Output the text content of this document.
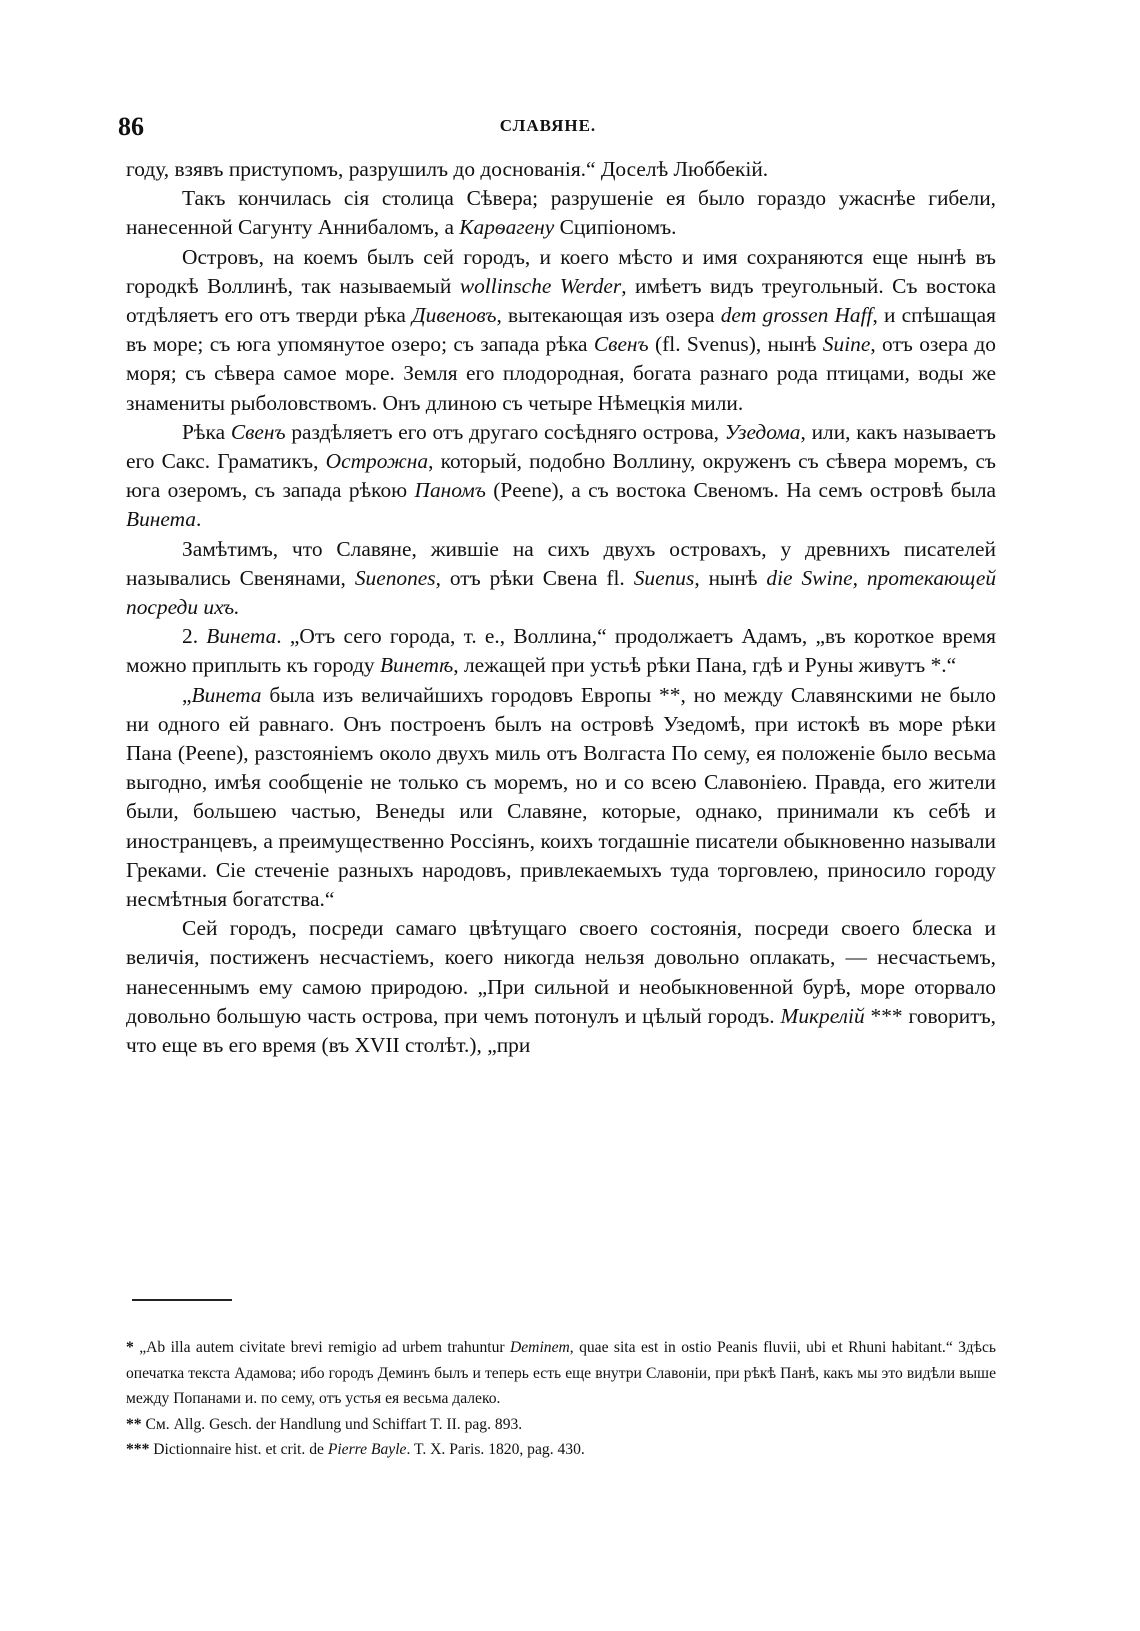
86	СЛАВЯНЕ.

году, взявъ приступомъ, разрушилъ до доснованія.“ Доселѣ Люббекій.

Такъ кончилась сія столица Сѣвера; разрушеніе ея было гораздо ужаснѣе гибели, нанесенной Сагунту Аннибаломъ, а Карѳагену Сципіономъ.

Островъ, на коемъ былъ сей городъ, и коего мѣсто и имя сохраняются еще нынѣ въ городкѣ Воллинѣ, так называемый wollinsche Werder, имѣетъ видъ треугольный. Съ востока отдѣляетъ его отъ тверди рѣка Дивеновъ, вытекающая изъ озера dem grossen Haff, и спѣшащая въ море; съ юга упомянутое озеро; съ запада рѣка Свенъ (fl. Svenus), нынѣ Suine, отъ озера до моря; съ сѣвера самое море. Земля его плодородная, богата разнаго рода птицами, воды же знамениты рыболовствомъ. Онъ длиною съ четыре Нѣмецкія мили.

Рѣка Свенъ раздѣляетъ его отъ другаго сосѣдняго острова, Узедома, или, какъ называетъ его Сакс. Граматикъ, Острожна, который, подобно Воллину, окруженъ съ сѣвера моремъ, съ юга озеромъ, съ запада рѣкою Паномъ (Peene), а съ востока Свеномъ. На семъ островѣ была Винета.

Замѣтимъ, что Славяне, жившіе на сихъ двухъ островахъ, у древнихъ писателей назывались Свенянами, Suenones, отъ рѣки Свена fl. Suenus, нынѣ die Swine, протекающей посреди ихъ.

2. Винета. „Отъ сего города, т. е., Воллина,“ продолжаетъ Адамъ, „въ короткое время можно приплыть къ городу Винетѣ, лежащей при устьѣ рѣки Пана, гдѣ и Руны живутъ *.“

„Винета была изъ величайшихъ городовъ Европы **, но между Славянскими не было ни одного ей равнаго. Онъ построенъ былъ на островѣ Узедомѣ, при истокѣ въ море рѣки Пана (Peene), разстояніемъ около двухъ миль отъ Волгаста По сему, ея положеніе было весьма выгодно, имѣя сообщеніе не только съ моремъ, но и со всею Славоніею. Правда, его жители были, большею частью, Венеды или Славяне, которые, однако, принимали къ себѣ и иностранцевъ, а преимущественно Россіянъ, коихъ тогдашніе писатели обыкновенно называли Греками. Сіе стеченіе разныхъ народовъ, привлекаемыхъ туда торговлею, приносило городу несмѣтныя богатства.“

Сей городъ, посреди самаго цвѣтущаго своего состоянія, посреди своего блеска и величія, постиженъ несчастіемъ, коего никогда нельзя довольно оплакать, — несчастьемъ, нанесеннымъ ему самою природою. „При сильной и необыкновенной бурѣ, море оторвало довольно большую часть острова, при чемъ потонулъ и цѣлый городъ. Микрелій *** говоритъ, что еще въ его время (въ XVII столѣт.), „при

* „Ab illa autem civitate brevi remigio ad urbem trahuntur Deminem, quae sita est in ostio Peanis fluvii, ubi et Rhuni habitant.“ Здѣсь опечатка текста Адамова; ибо городъ Деминъ былъ и теперь есть еще внутри Славоніи, при рѣкѣ Панѣ, какъ мы это видѣли выше между Попанами и. по сему, отъ устья ея весьма далеко.

** См. Allg. Gesch. der Handlung und Schiffart T. II. pag. 893.

*** Dictionnaire hist. et crit. de Pierre Bayle. T. X. Paris. 1820, pag. 430.
